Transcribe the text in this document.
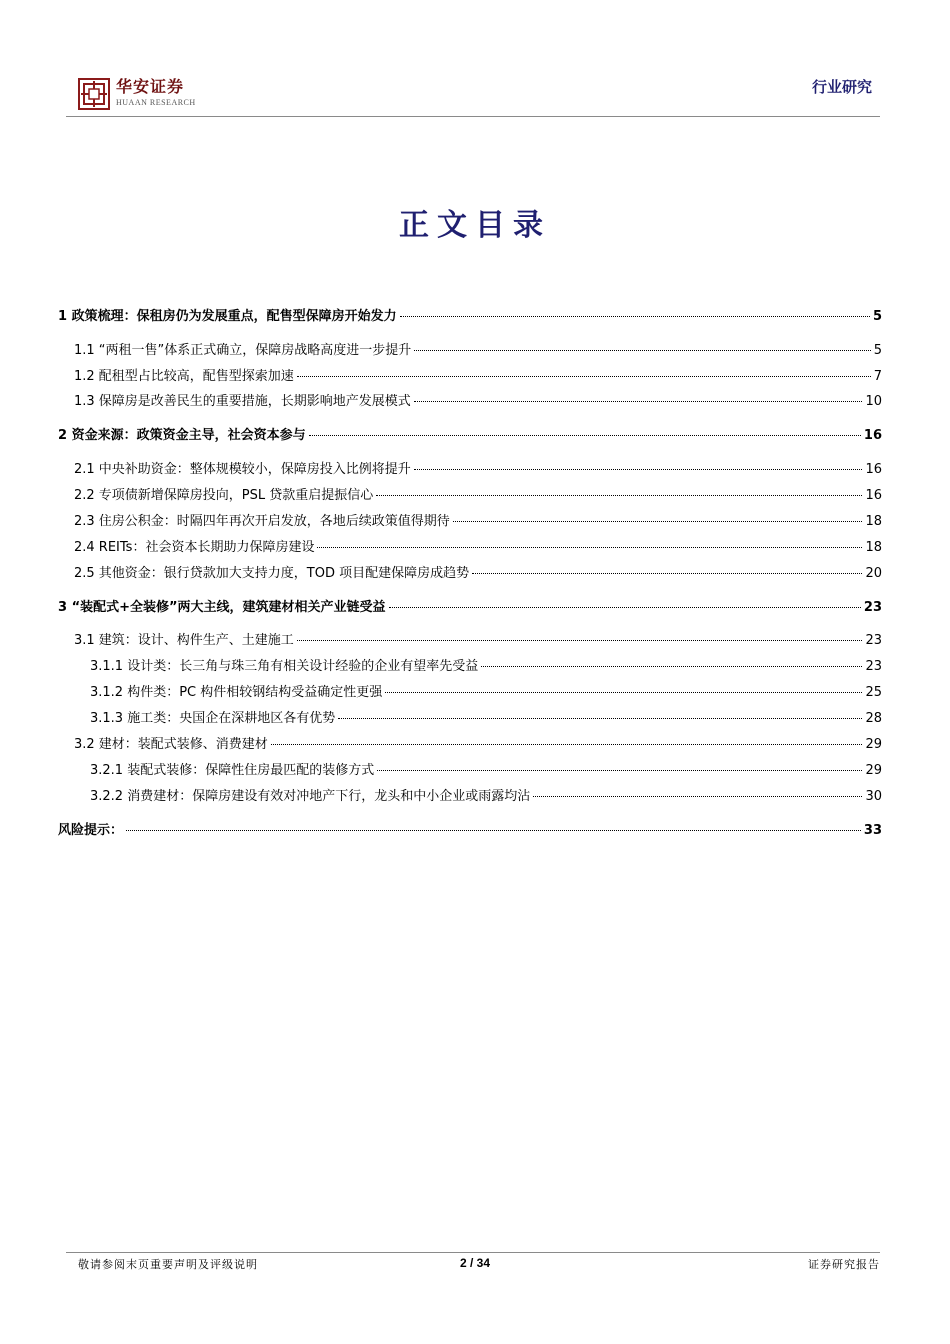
华安证券
HUAAN RESEARCH
行业研究
正文目录
1 政策梳理：保租房仍为发展重点，配售型保障房开始发力	5
1.1 “两租一售”体系正式确立，保障房战略高度进一步提升	5
1.2 配租型占比较高，配售型探索加速	7
1.3 保障房是改善民生的重要措施，长期影响地产发展模式	10
2 资金来源：政策资金主导，社会资本参与	16
2.1 中央补助资金：整体规模较小，保障房投入比例将提升	16
2.2 专项债新增保障房投向，PSL 贷款重启提振信心	16
2.3 住房公积金：时隔四年再次开启发放，各地后续政策值得期待	18
2.4 REITs：社会资本长期助力保障房建设	18
2.5 其他资金：银行贷款加大支持力度，TOD 项目配建保障房成趋势	20
3 “装配式+全装修”两大主线，建筑建材相关产业链受益	23
3.1 建筑：设计、构件生产、土建施工	23
3.1.1 设计类：长三角与珠三角有相关设计经验的企业有望率先受益	23
3.1.2 构件类：PC 构件相较钢结构受益确定性更强	25
3.1.3 施工类：央国企在深耕地区各有优势	28
3.2 建材：装配式装修、消费建材	29
3.2.1 装配式装修：保障性住房最匹配的装修方式	29
3.2.2 消费建材：保障房建设有效对冲地产下行，龙头和中小企业或雨露均沾	30
风险提示：	33
敬请参阅末页重要声明及评级说明	2 / 34	证券研究报告
